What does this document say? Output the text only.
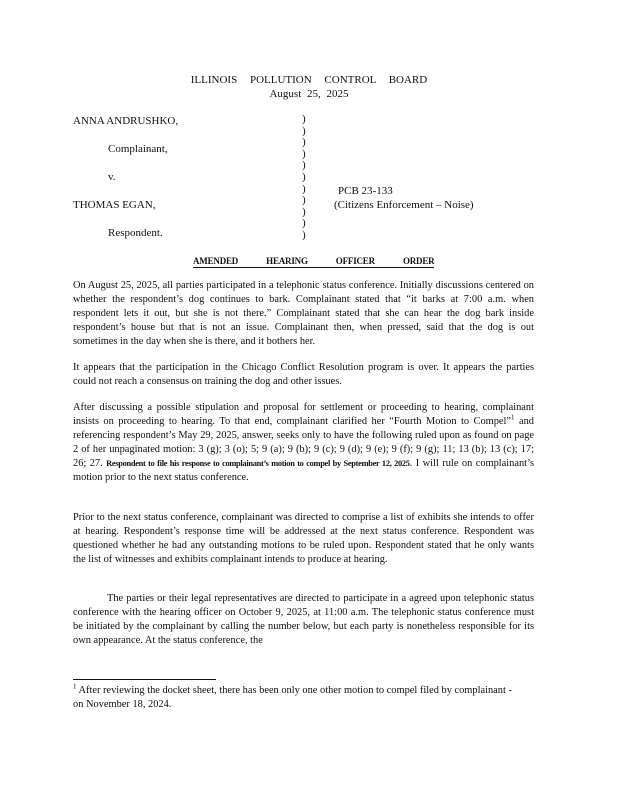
ILLINOIS POLLUTION CONTROL BOARD
August 25, 2025
ANNA ANDRUSHKO,
Complainant,
v.
THOMAS EGAN,
Respondent.
)
)
)
)
)
)
)
)
)
)
)
PCB 23-133
(Citizens Enforcement – Noise)
AMENDED HEARING OFFICER ORDER
On August 25, 2025, all parties participated in a telephonic status conference. Initially discussions centered on whether the respondent’s dog continues to bark. Complainant stated that “it barks at 7:00 a.m. when respondent lets it out, but she is not there.” Complainant stated that she can hear the dog bark inside respondent’s house but that is not an issue. Complainant then, when pressed, said that the dog is out sometimes in the day when she is there, and it bothers her.
It appears that the participation in the Chicago Conflict Resolution program is over. It appears the parties could not reach a consensus on training the dog and other issues.
After discussing a possible stipulation and proposal for settlement or proceeding to hearing, complainant insists on proceeding to hearing. To that end, complainant clarified her “Fourth Motion to Compel”$^1$ and referencing respondent’s May 29, 2025, answer, seeks only to have the following ruled upon as found on page 2 of her unpaginated motion: 3 (g); 3 (o); 5; 9 (a); 9 (b); 9 (c); 9 (d); 9 (e); 9 (f); 9 (g); 11; 13 (b); 13 (c); 17; 26; 27. Respondent to file his response to complainant’s motion to compel by September 12, 2025. I will rule on complainant’s motion prior to the next status conference.
Prior to the next status conference, complainant was directed to comprise a list of exhibits she intends to offer at hearing. Respondent’s response time will be addressed at the next status conference. Respondent was questioned whether he had any outstanding motions to be ruled upon. Respondent stated that he only wants the list of witnesses and exhibits complainant intends to produce at hearing.
The parties or their legal representatives are directed to participate in a agreed upon telephonic status conference with the hearing officer on October 9, 2025, at 11:00 a.m. The telephonic status conference must be initiated by the complainant by calling the number below, but each party is nonetheless responsible for its own appearance. At the status conference, the
$^1$ After reviewing the docket sheet, there has been only one other motion to compel filed by complainant - on November 18, 2024.
